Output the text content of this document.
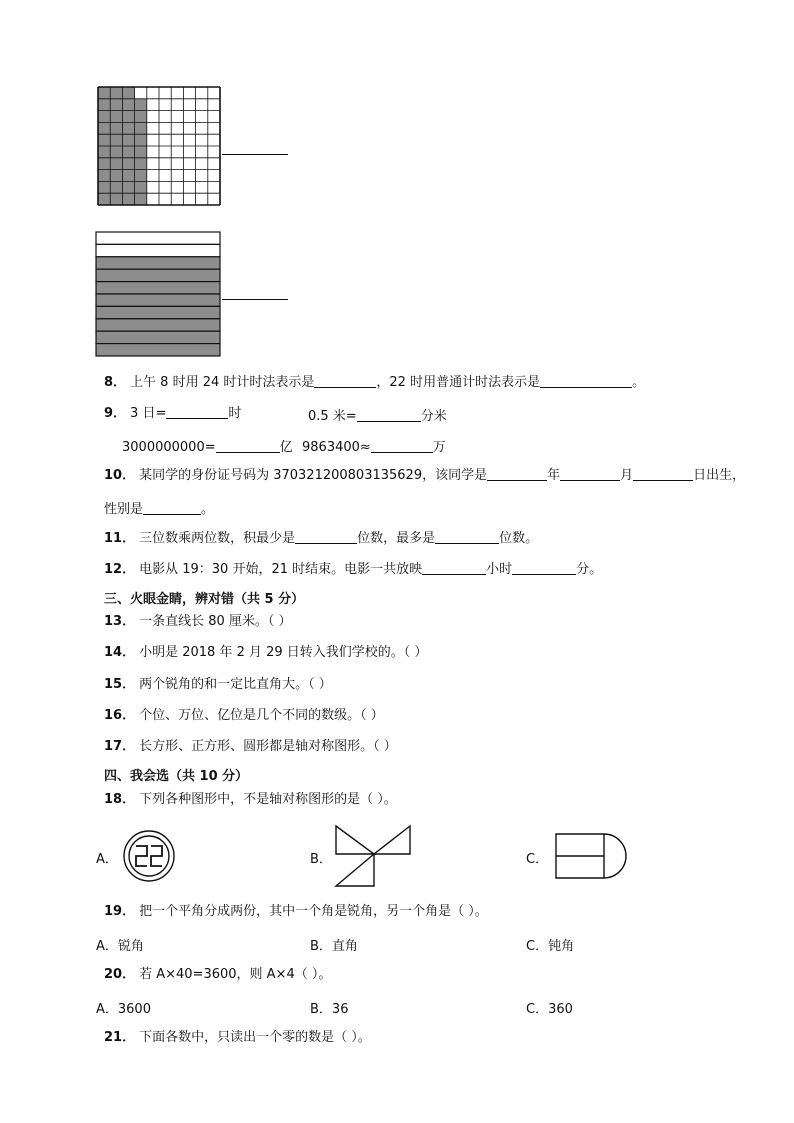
8． 上午 8 时用 24 时计时法表示是	，22 时用普通计时法表示是	。
9． 3 日=	时	0.5 米=	分米
3000000000=	亿 9863400≈	万
10． 某同学的身份证号码为 370321200803135629，该同学是	年	月	日出生，
性别是	。
11． 三位数乘两位数，积最少是	位数，最多是	位数。
12． 电影从 19：30 开始，21 时结束。电影一共放映	小时	分。
三、火眼金睛，辨对错（共 5 分）
13． 一条直线长 80 厘米。（ ）
14． 小明是 2018 年 2 月 29 日转入我们学校的。（ ）
15． 两个锐角的和一定比直角大。（ ）
16． 个位、万位、亿位是几个不同的数级。（ ）
17． 长方形、正方形、圆形都是轴对称图形。（ ）
四、我会选（共 10 分）
18． 下列各种图形中，不是轴对称图形的是（ ）。
A．	B．	C．
19． 把一个平角分成两份，其中一个角是锐角，另一个角是（ ）。
A．锐角	B．直角	C．钝角
20． 若 A×40=3600，则 A×4（ ）。
A．3600	B．36	C．360
21． 下面各数中，只读出一个零的数是（ ）。
